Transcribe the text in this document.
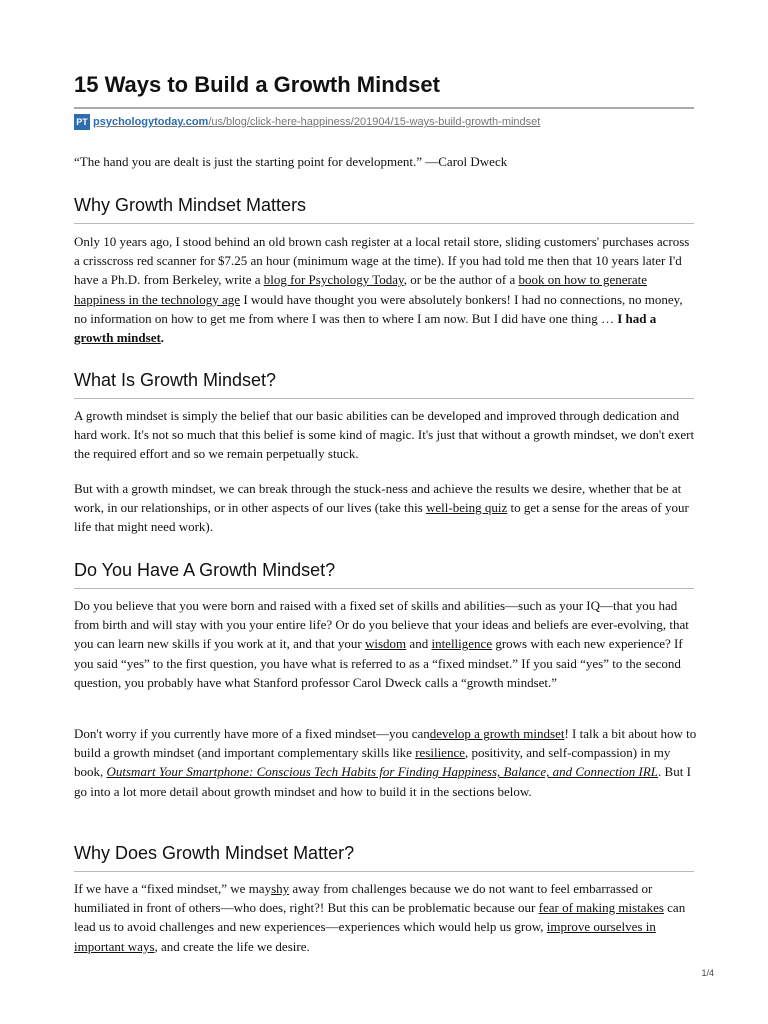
15 Ways to Build a Growth Mindset
PT psychologytoday.com/us/blog/click-here-happiness/201904/15-ways-build-growth-mindset

“The hand you are dealt is just the starting point for development.” —Carol Dweck

Why Growth Mindset Matters

Only 10 years ago, I stood behind an old brown cash register at a local retail store, sliding customers' purchases across a crisscross red scanner for $7.25 an hour (minimum wage at the time). If you had told me then that 10 years later I'd have a Ph.D. from Berkeley, write a blog for Psychology Today, or be the author of a book on how to generate happiness in the technology age I would have thought you were absolutely bonkers! I had no connections, no money, no information on how to get me from where I was then to where I am now. But I did have one thing … I had a growth mindset.

What Is Growth Mindset?

A growth mindset is simply the belief that our basic abilities can be developed and improved through dedication and hard work. It's not so much that this belief is some kind of magic. It's just that without a growth mindset, we don't exert the required effort and so we remain perpetually stuck.

But with a growth mindset, we can break through the stuck-ness and achieve the results we desire, whether that be at work, in our relationships, or in other aspects of our lives (take this well-being quiz to get a sense for the areas of your life that might need work).

Do You Have A Growth Mindset?

Do you believe that you were born and raised with a fixed set of skills and abilities—such as your IQ—that you had from birth and will stay with you your entire life? Or do you believe that your ideas and beliefs are ever-evolving, that you can learn new skills if you work at it, and that your wisdom and intelligence grows with each new experience? If you said “yes” to the first question, you have what is referred to as a “fixed mindset.” If you said “yes” to the second question, you probably have what Stanford professor Carol Dweck calls a “growth mindset.”

Don't worry if you currently have more of a fixed mindset—you candevelop a growth mindset! I talk a bit about how to build a growth mindset (and important complementary skills like resilience, positivity, and self-compassion) in my book, Outsmart Your Smartphone: Conscious Tech Habits for Finding Happiness, Balance, and Connection IRL. But I go into a lot more detail about growth mindset and how to build it in the sections below.

Why Does Growth Mindset Matter?

If we have a “fixed mindset,” we mayshy away from challenges because we do not want to feel embarrassed or humiliated in front of others—who does, right?! But this can be problematic because our fear of making mistakes can lead us to avoid challenges and new experiences—experiences which would help us grow, improve ourselves in important ways, and create the life we desire.

1/4
